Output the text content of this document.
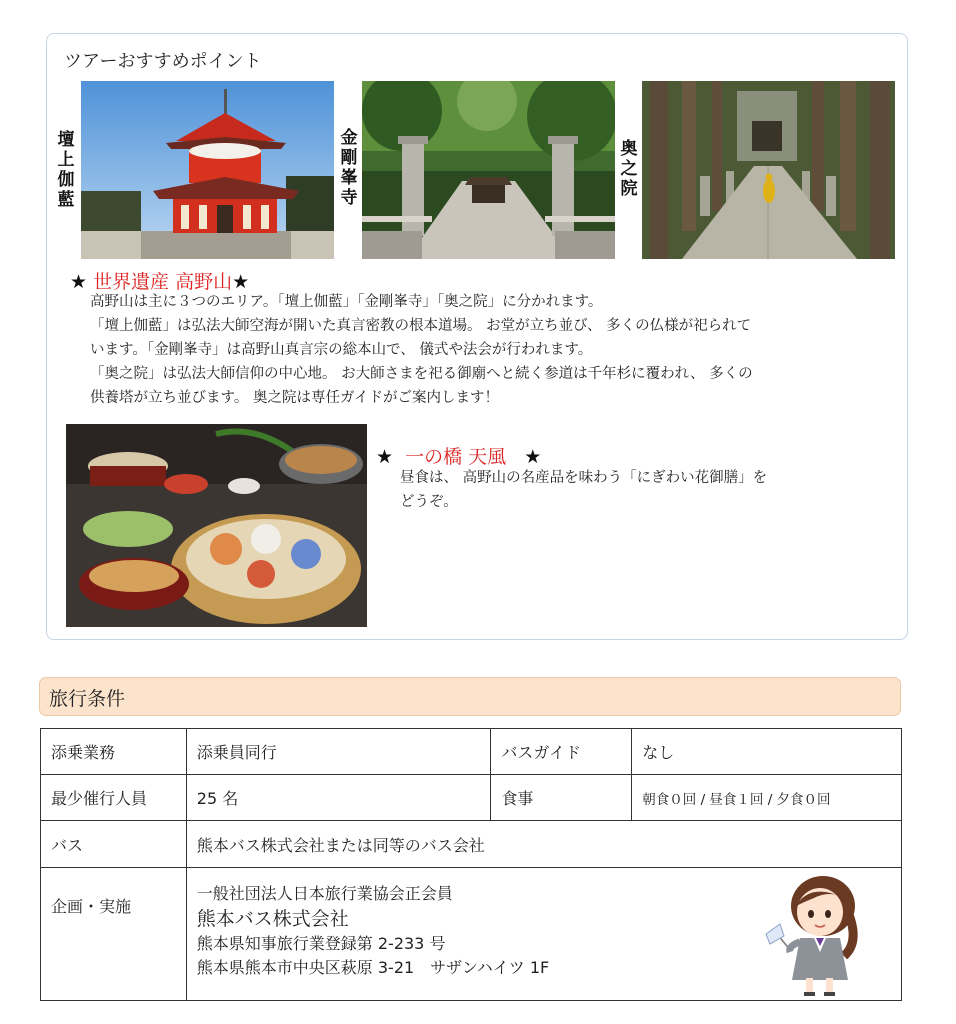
ツアーおすすめポイント
壇
上
伽
藍
金
剛
峯
寺
奥
之
院
★ 世界遺産 高野山★

高野山は主に３つのエリア。「壇上伽藍」「金剛峯寺」「奥之院」に分かれます。

「壇上伽藍」は弘法大師空海が開いた真言密教の根本道場。 お堂が立ち並び、 多くの仏様が祀られて

います。「金剛峯寺」は高野山真言宗の総本山で、 儀式や法会が行われます。

「奥之院」は弘法大師信仰の中心地。 お大師さまを祀る御廟へと続く参道は千年杉に覆われ、 多くの

供養塔が立ち並びます。 奥之院は専任ガイドがご案内します！

★ 一の橋 天風 ★

昼食は、 高野山の名産品を味わう「にぎわい花御膳」を

どうぞ。

旅行条件
添乗業務	添乗員同行	バスガイド	なし
最少催行人員	25 名	食事	朝食０回 / 昼食１回 / 夕食０回
バス	熊本バス株式会社または同等のバス会社		
企画・実施	一般社団法人日本旅行業協会正会員
熊本バス株式会社
熊本県知事旅行業登録第 2-233 号
熊本県熊本市中央区萩原 3-21　サザンハイツ 1F		
